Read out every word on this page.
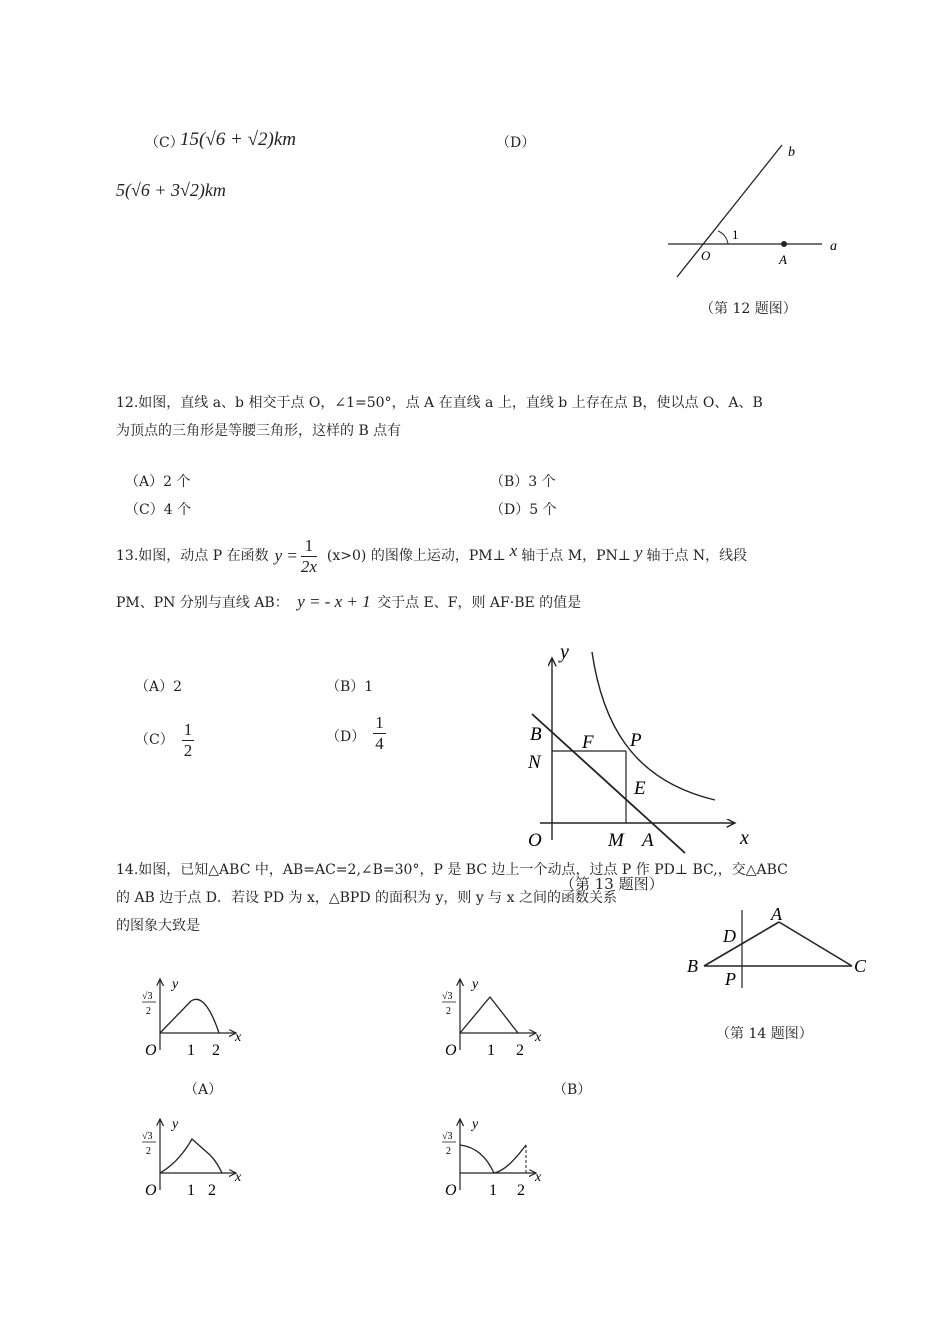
（C）
15(√6 + √2)km	（D）
5(√6 + 3√2)km
b
a
O	A
1
（第 12 题图）
12.如图，直线 a、b 相交于点 O，∠1=50°，点 A 在直线 a 上，直线 b 上存在点 B，使以点 O、A、B
为顶点的三角形是等腰三角形，这样的 B 点有
（A）2 个	（B）3 个
（C）4 个	（D）5 个
13.如图，动点 P 在函数 $y = \frac{1}{2x} (x>0)$ 的图像上运动，PM⊥ x 轴于点 M，PN⊥ y 轴于点 N，线段
PM、PN 分别与直线 AB： y = - x + 1 交于点 E、F，则 AF·BE 的值是
（A）2	（B）1
$(C) \frac{1}{2}$	$(D) \frac{1}{4}$
y
x
B
N
F P
E
O	M A
（第 13 题图）
14.如图，已知△ABC 中，AB=AC=2,∠B=30°，P 是 BC 边上一个动点，过点 P 作 PD⊥ BC,，交△ABC
的 AB 边于点 D．若设 PD 为 x，△BPD 的面积为 y，则 y 与 x 之间的函数关系
的图象大致是
A
B	C
D
P
（第 14 题图）
√3
2
y
x
O 1 2
（A）
√3
2
y
x
O 1 2
（B）
√3
2
y
x
O 1 2
√3
2
y
x
O 1 2
